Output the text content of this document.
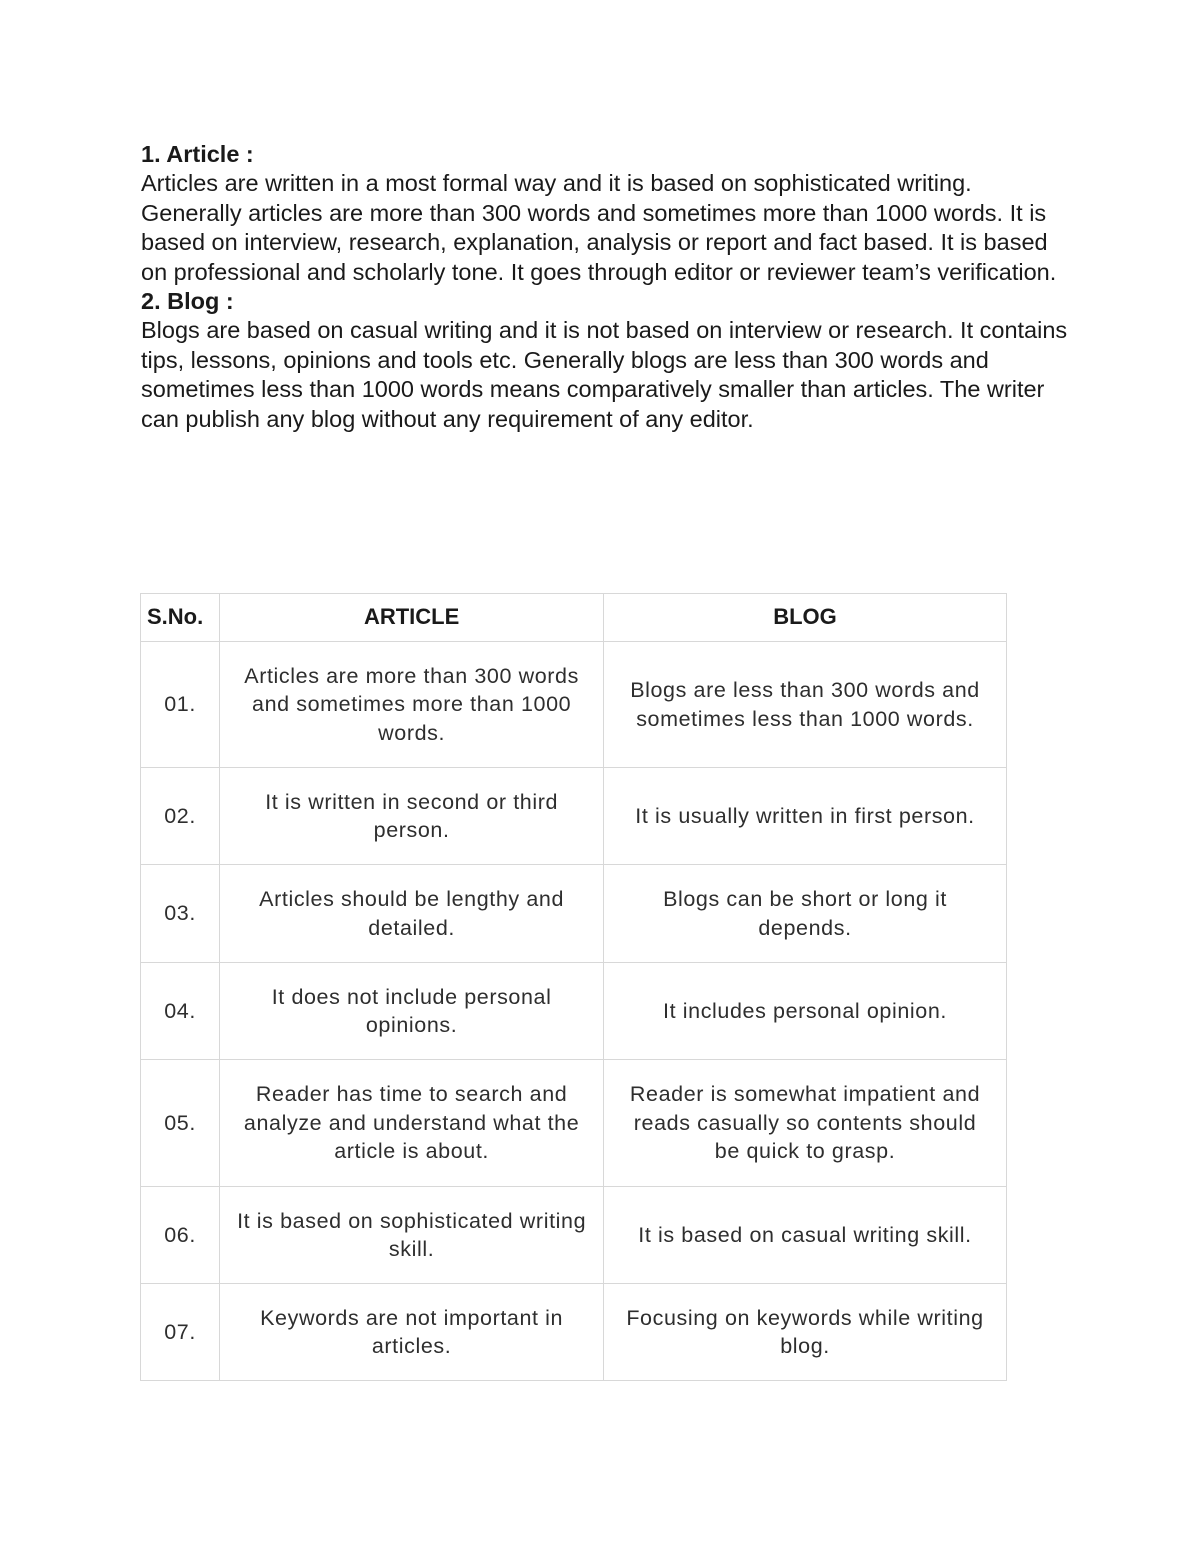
1. Article :

Articles are written in a most formal way and it is based on sophisticated writing. Generally articles are more than 300 words and sometimes more than 1000 words. It is based on interview, research, explanation, analysis or report and fact based. It is based on professional and scholarly tone. It goes through editor or reviewer team’s verification.

2. Blog :

Blogs are based on casual writing and it is not based on interview or research. It contains tips, lessons, opinions and tools etc. Generally blogs are less than 300 words and sometimes less than 1000 words means comparatively smaller than articles. The writer can publish any blog without any requirement of any editor.

S.No.	ARTICLE	BLOG
01.	Articles are more than 300 words and sometimes more than 1000 words.	Blogs are less than 300 words and sometimes less than 1000 words.
02.	It is written in second or third person.	It is usually written in first person.
03.	Articles should be lengthy and detailed.	Blogs can be short or long it depends.
04.	It does not include personal opinions.	It includes personal opinion.
05.	Reader has time to search and analyze and understand what the article is about.	Reader is somewhat impatient and reads casually so contents should be quick to grasp.
06.	It is based on sophisticated writing skill.	It is based on casual writing skill.
07.	Keywords are not important in articles.	Focusing on keywords while writing blog.
